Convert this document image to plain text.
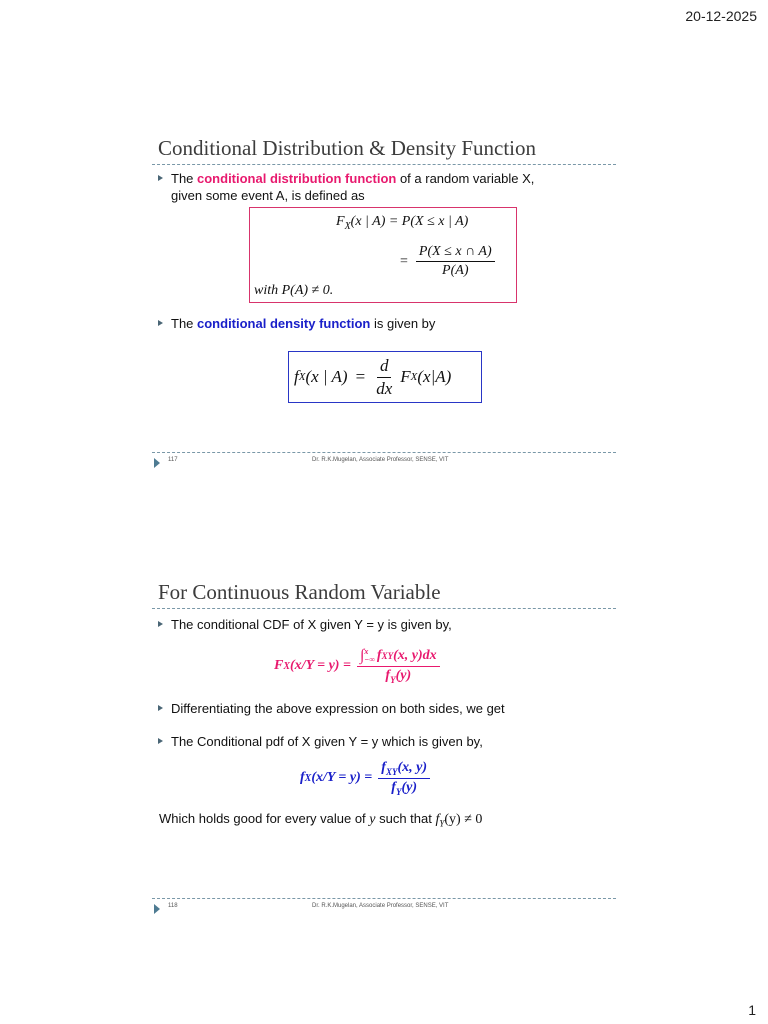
20-12-2025
1
Conditional Distribution & Density Function
The conditional distribution function of a random variable X,
given some event A, is defined as
$F_X(x$ | A) = P(X ≤ x | A)
= $\frac{P(X \le x \cap A)}{P(A)}$
with P(A) ≠ 0.
The conditional density function is given by
f X (x | $A) = \frac{d}{dx}$ F X (x|A)
117	Dr. R.K.Mugelan, Associate Professor, SENSE, VIT
For Continuous Random Variable
The conditional CDF of X given Y = y is given by,
F X (x/Y = y) = ∫ x
−∞ f XY (x, y)dx
$f_Y(y)$
Differentiating the above expression on both sides, we get
The Conditional pdf of X given Y = y which is given by,
f X $(x/Y = y) = \frac{f_{XY}(x, y)}{f_Y(y)}$
Which holds good for every value of y such that $f_Y(y) \ne 0$
118	Dr. R.K.Mugelan, Associate Professor, SENSE, VIT
